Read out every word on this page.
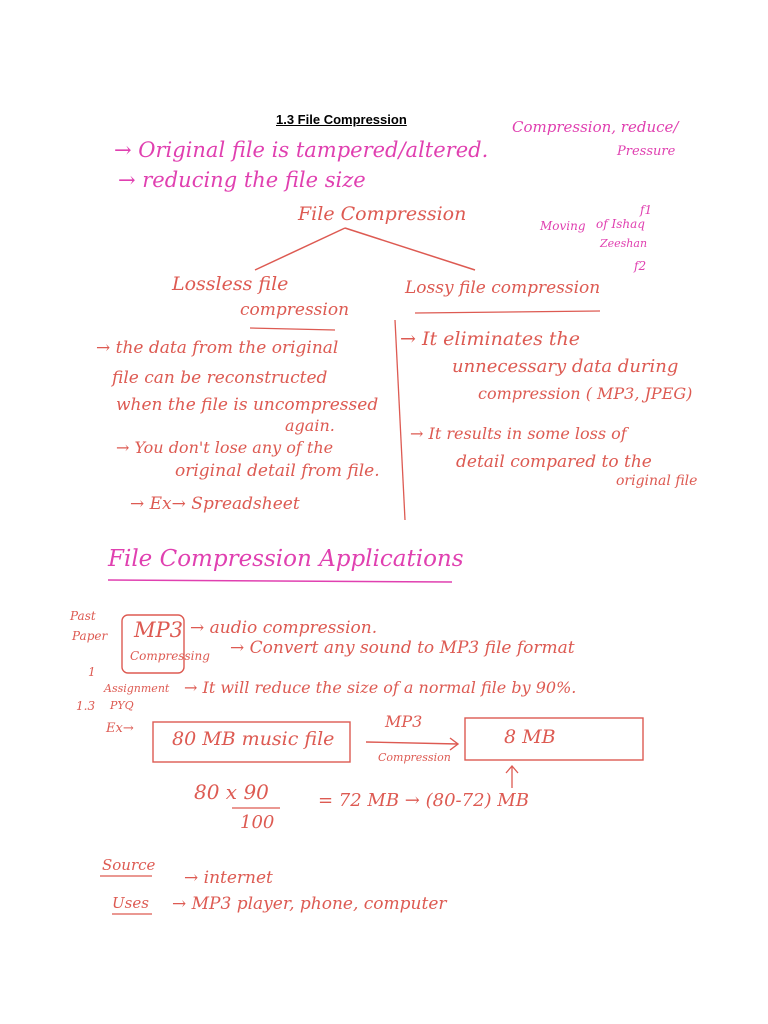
1.3 File Compression	Compression, reduce/
Pressure
→ Original file is tampered/altered.
→ reducing the file size
File Compression
Moving of Ishaq
Zeeshan
f1
f2
Lossless file
compression
→ the data from the original
file can be reconstructed
when the file is uncompressed
again.
→ You don't lose any of the
original detail from file.
→ Ex→ Spreadsheet
Lossy file compression
→ It eliminates the
unnecessary data during
compression ( MP3, JPEG)
→ It results in some loss of
detail compared to the
original file
File Compression Applications
Past
Paper
1
1.3
Assignment
PYQ
Ex→
MP3 → audio compression.
Compressing → Convert any sound to MP3 file format
→ It will reduce the size of a normal file by 90%.
80 MB music file
MP3
Compression
8 MB
80 x 90
100
= 72 MB → (80-72) MB
Source
→ internet
Uses → MP3 player, phone, computer
